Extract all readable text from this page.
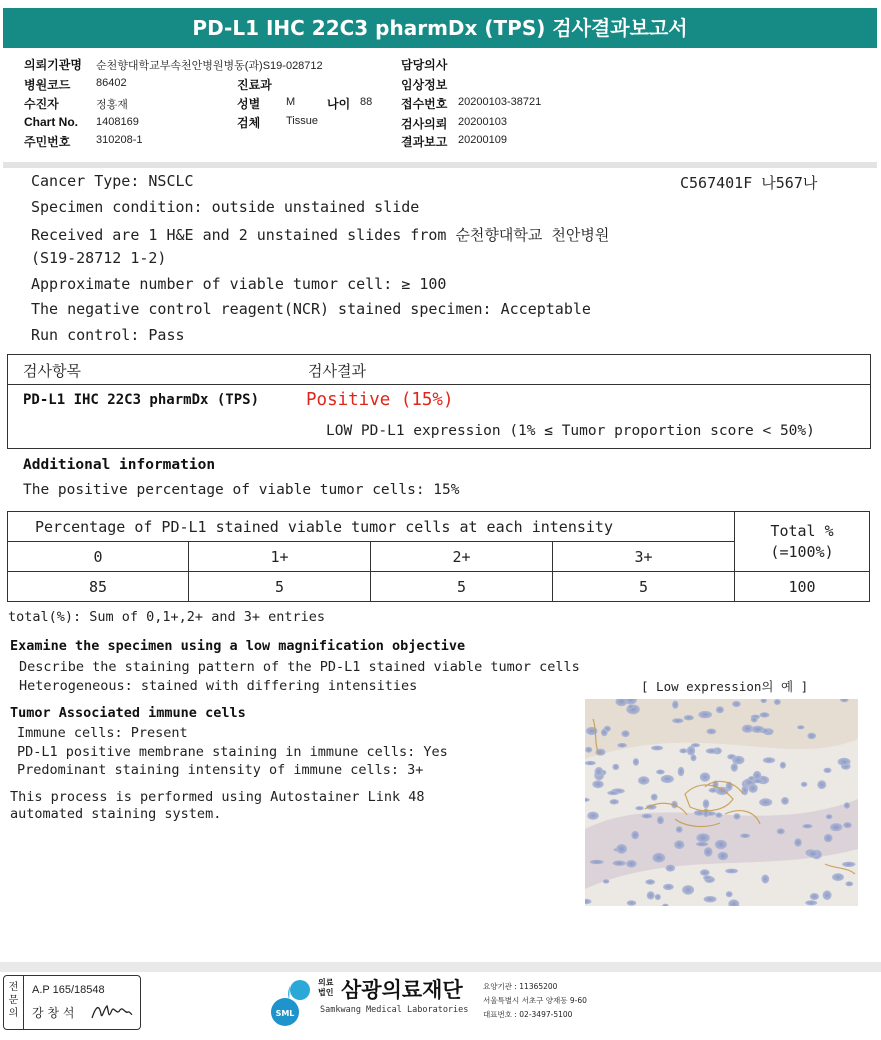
PD-L1 IHC 22C3 pharmDx (TPS) 검사결과보고서
의뢰기관명 순천향대학교부속천안병원병동(과)S19-028712
병원코드 86402
수진자	정홍재
Chart No. 1408169
주민번호 310208-1
진료과
성별 M	나이 88
검체 Tissue
담당의사
임상정보
접수번호 20200103-38721
검사의뢰 20200103
결과보고 20200109
Cancer Type: NSCLC	C567401F 나567나
Specimen condition: outside unstained slide
Received are 1 H&E and 2 unstained slides from 순천향대학교 천안병원
(S19-28712 1-2)
Approximate number of viable tumor cell: ≥ 100
The negative control reagent(NCR) stained specimen: Acceptable
Run control: Pass
검사항목	검사결과
PD-L1 IHC 22C3 pharmDx (TPS)	Positive (15%)
LOW PD-L1 expression (1% ≤ Tumor proportion score < 50%)
Additional information
The positive percentage of viable tumor cells: 15%
Percentage of PD-L1 stained viable tumor cells at each intensity				Total %
(=100%)

0	1+	2+	3+	
85	5	5	5	100
total(%): Sum of 0,1+,2+ and 3+ entries
Examine the specimen using a low magnification objective
Describe the staining pattern of the PD-L1 stained viable tumor cells
Heterogeneous: stained with differing intensities	[ Low expression의 예 ]
Tumor Associated immune cells
Immune cells: Present
PD-L1 positive membrane staining in immune cells: Yes
Predominant staining intensity of immune cells: 3+
This process is performed using Autostainer Link 48
automated staining system.
전
문
의
A.P 165/18548
강 창 석	SML
의료
법인 삼광의료재단
Samkwang Medical Laboratories
요양기관 : 11365200
서울특별시 서초구 양재동 9-60
대표번호 : 02-3497-5100
